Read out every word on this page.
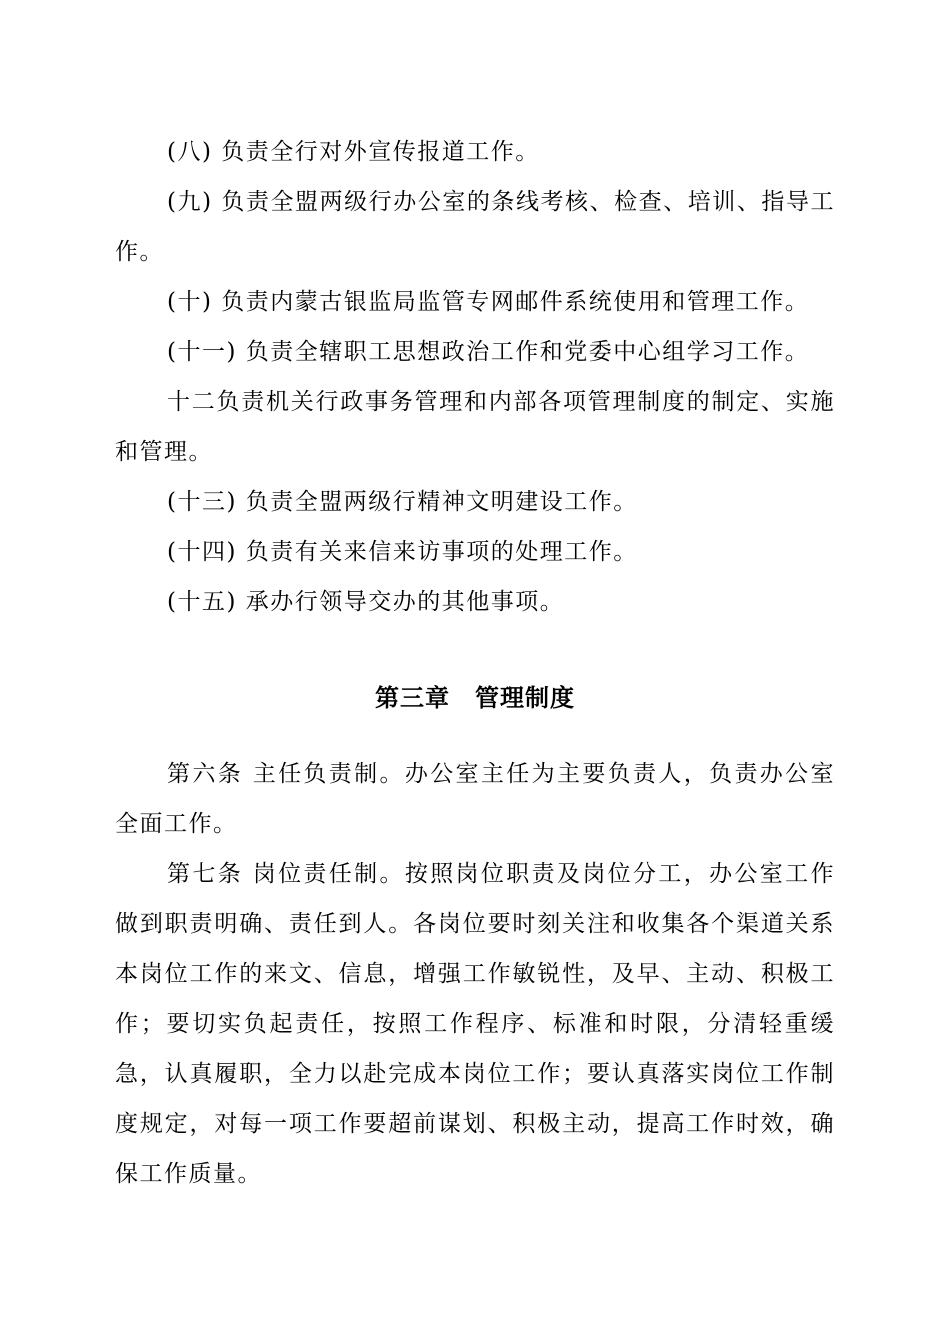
(八) 负责全行对外宣传报道工作。

(九) 负责全盟两级行办公室的条线考核、检查、培训、指导工作。

(十) 负责内蒙古银监局监管专网邮件系统使用和管理工作。

(十一) 负责全辖职工思想政治工作和党委中心组学习工作。

十二负责机关行政事务管理和内部各项管理制度的制定、实施和管理。

(十三) 负责全盟两级行精神文明建设工作。

(十四) 负责有关来信来访事项的处理工作。

(十五) 承办行领导交办的其他事项。

第三章　管理制度

第六条 主任负责制。办公室主任为主要负责人，负责办公室全面工作。

第七条 岗位责任制。按照岗位职责及岗位分工，办公室工作做到职责明确、责任到人。各岗位要时刻关注和收集各个渠道关系本岗位工作的来文、信息，增强工作敏锐性，及早、主动、积极工作；要切实负起责任，按照工作程序、标准和时限，分清轻重缓急，认真履职，全力以赴完成本岗位工作；要认真落实岗位工作制度规定，对每一项工作要超前谋划、积极主动，提高工作时效，确保工作质量。
